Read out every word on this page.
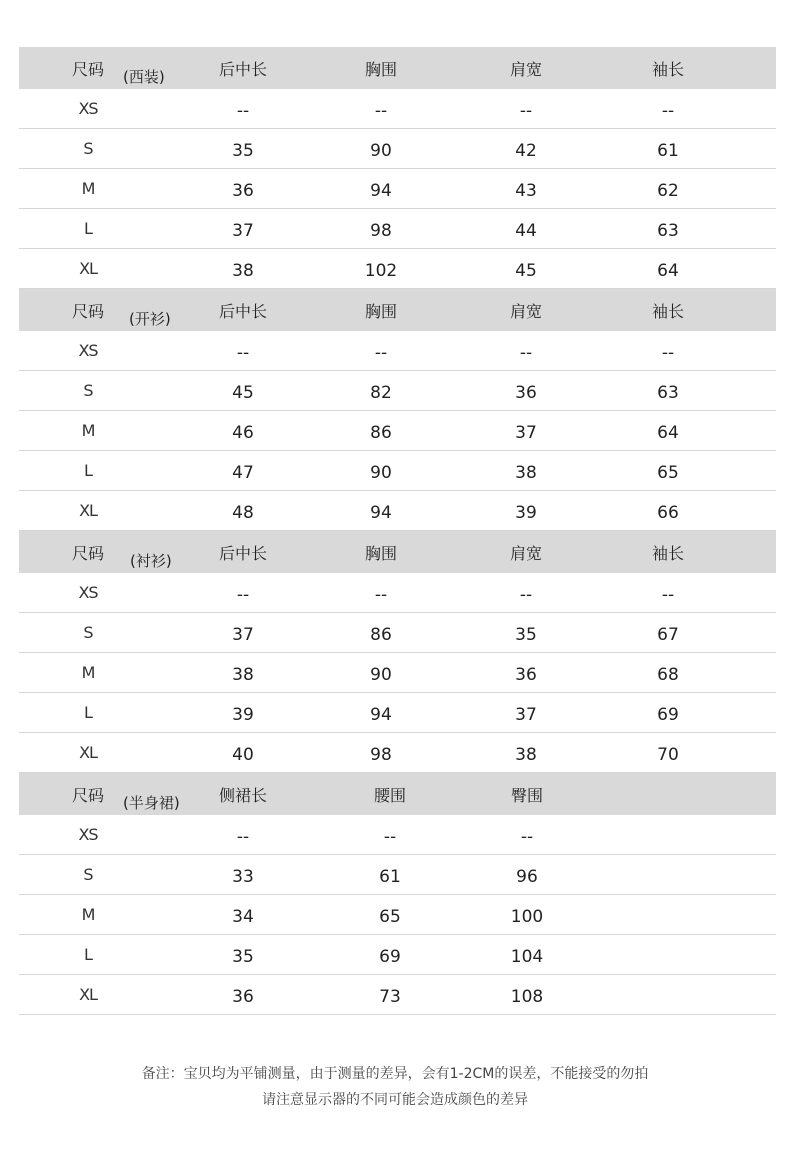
尺码	(西装)	后中长	胸围	肩宽	袖长
XS	--	--	--	--
S	35	90	42	61
M	36	94	43	62
L	37	98	44	63
XL	38	102	45	64
尺码	(开衫)	后中长	胸围	肩宽	袖长
XS	--	--	--	--
S	45	82	36	63
M	46	86	37	64
L	47	90	38	65
XL	48	94	39	66
尺码	(衬衫)	后中长	胸围	肩宽	袖长
XS	--	--	--	--
S	37	86	35	67
M	38	90	36	68
L	39	94	37	69
XL	40	98	38	70
尺码	(半身裙)	侧裙长	腰围	臀围
XS	--	--	--
S	33	61	96
M	34	65	100
L	35	69	104
XL	36	73	108
备注：宝贝均为平铺测量，由于测量的差异，会有1-2CM的误差，不能接受的勿拍
请注意显示器的不同可能会造成颜色的差异
